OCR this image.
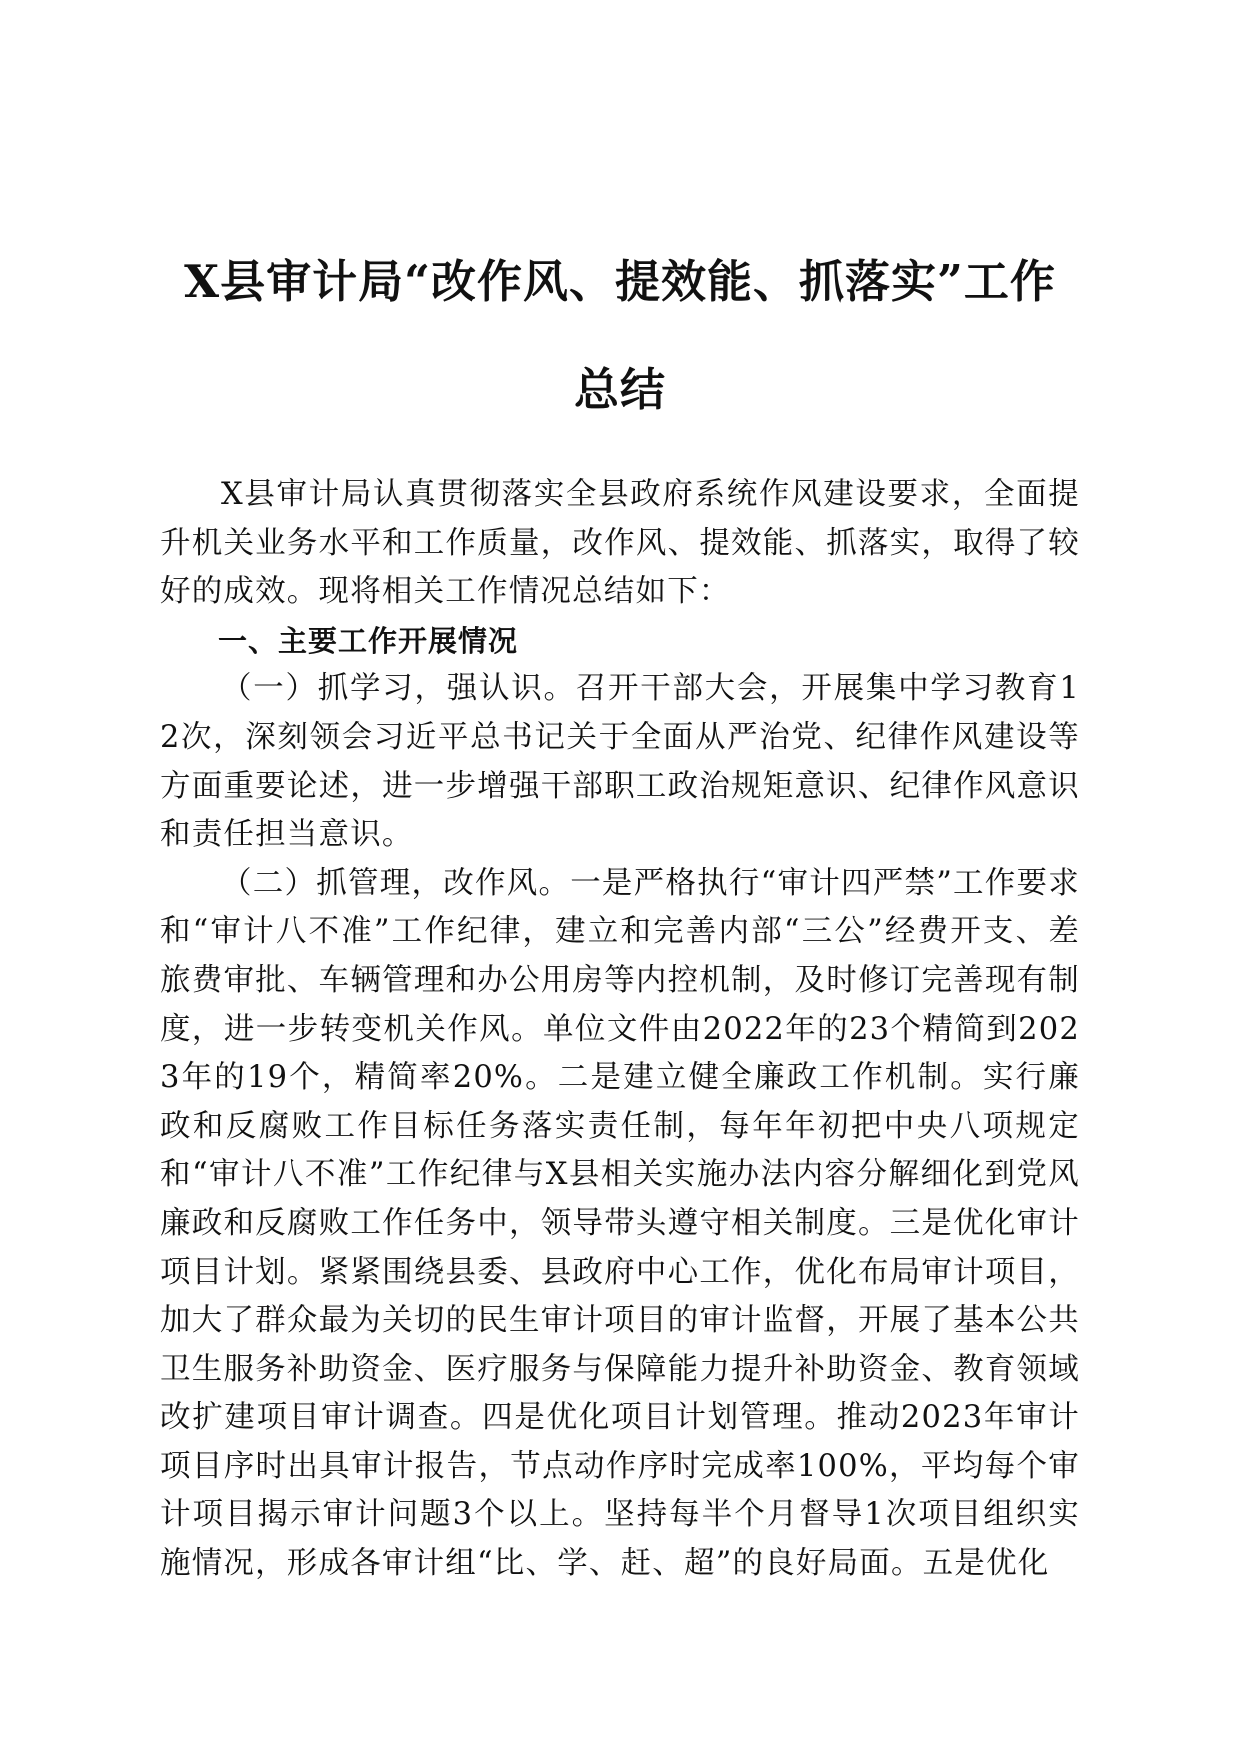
X县审计局“改作风、提效能、抓落实”工作
总结

X县审计局认真贯彻落实全县政府系统作风建设要求，全面提升机关业务水平和工作质量，改作风、提效能、抓落实，取得了较好的成效。现将相关工作情况总结如下：

一、主要工作开展情况

（一）抓学习，强认识。召开干部大会，开展集中学习教育12次，深刻领会习近平总书记关于全面从严治党、纪律作风建设等方面重要论述，进一步增强干部职工政治规矩意识、纪律作风意识和责任担当意识。

（二）抓管理，改作风。一是严格执行“审计四严禁”工作要求和“审计八不准”工作纪律，建立和完善内部“三公”经费开支、差旅费审批、车辆管理和办公用房等内控机制，及时修订完善现有制度，进一步转变机关作风。单位文件由2022年的23个精简到2023年的19个，精简率20%。二是建立健全廉政工作机制。实行廉政和反腐败工作目标任务落实责任制，每年年初把中央八项规定和“审计八不准”工作纪律与X县相关实施办法内容分解细化到党风廉政和反腐败工作任务中，领导带头遵守相关制度。三是优化审计项目计划。紧紧围绕县委、县政府中心工作，优化布局审计项目，加大了群众最为关切的民生审计项目的审计监督，开展了基本公共卫生服务补助资金、医疗服务与保障能力提升补助资金、教育领域改扩建项目审计调查。四是优化项目计划管理。推动2023年审计项目序时出具审计报告，节点动作序时完成率100%，平均每个审计项目揭示审计问题3个以上。坚持每半个月督导1次项目组织实施情况，形成各审计组“比、学、赶、超”的良好局面。五是优化
